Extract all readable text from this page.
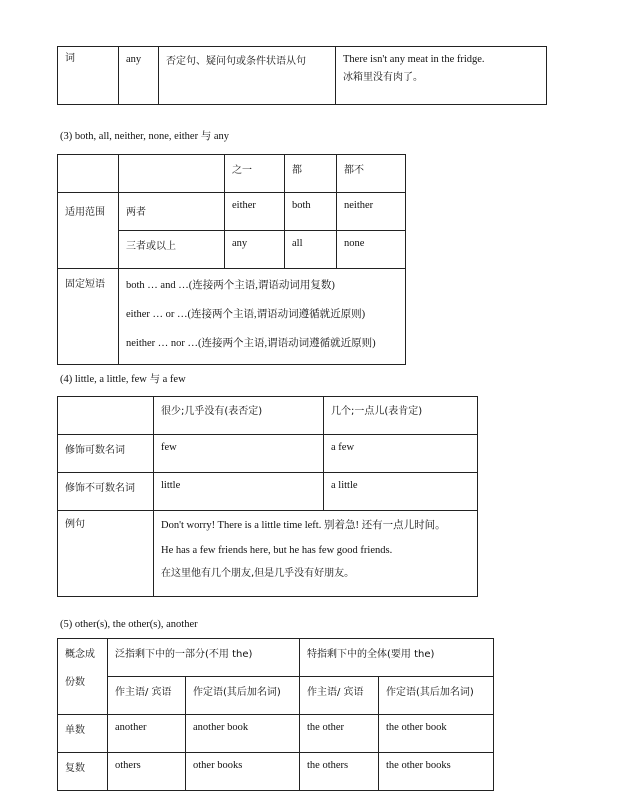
词	any	否定句、疑问句或条件状语从句	There isn't any meat in the fridge.
冰箱里没有肉了。
(3) both, all, neither, none, either 与 any

		之一	都	都不

适用范围	两者	either	both	neither

	三者或以上	any	all	none

固定短语	both … and …(连接两个主语,谓语动词用复数)
either … or …(连接两个主语,谓语动词遵循就近原则)
neither … nor …(连接两个主语,谓语动词遵循就近原则)			
(4) little, a little, few 与 a few

	很少;几乎没有(表否定)	几个;一点儿(表肯定)

修饰可数名词	few	a few

修饰不可数名词	little	a little

例句	Don't worry! There is a little time left. 别着急! 还有一点儿时间。
He has a few friends here, but he has few good friends.
在这里他有几个朋友,但是几乎没有好朋友。	
(5) other(s), the other(s), another
概念成
份数	泛指剩下中的一部分(不用 the)		特指剩下中的全体(要用 the)	

	作主语/ 宾语	作定语(其后加名词)	作主语/ 宾语	作定语(其后加名词)

单数	another	another book	the other	the other book

复数	others	other books	the others	the other books
